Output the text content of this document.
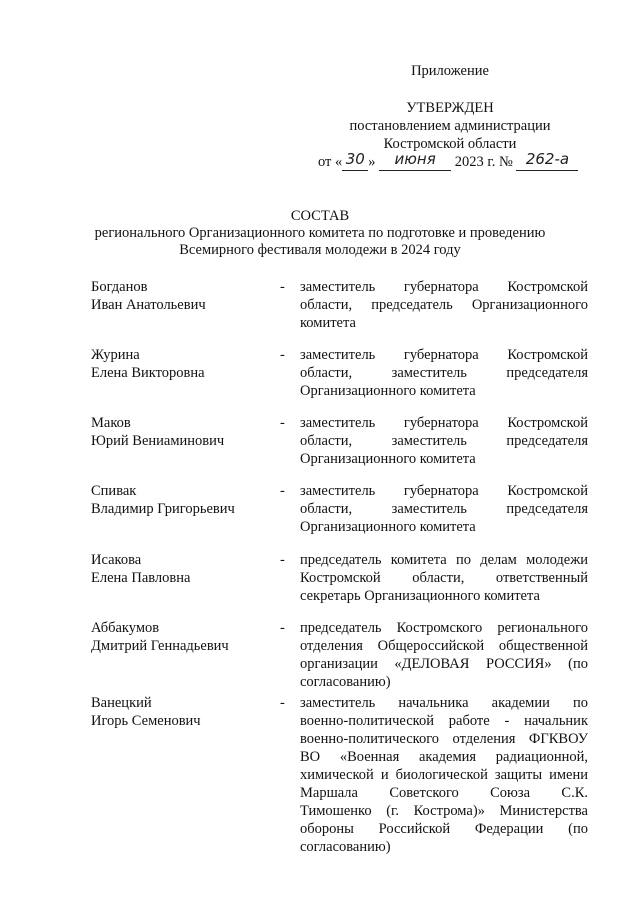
Приложение
УТВЕРЖДЕН
постановлением администрации
Костромской области
от « 30 » июня 2023 г. № 262-а
СОСТАВ
регионального Организационного комитета по подготовке и проведению
Всемирного фестиваля молодежи в 2024 году
Богданов
Иван Анатольевич
- заместитель губернатора Костромской
области, председатель Организационного
комитета
Журина
Елена Викторовна
- заместитель губернатора Костромской
области, заместитель председателя
Организационного комитета
Маков
Юрий Вениаминович
- заместитель губернатора Костромской
области, заместитель председателя
Организационного комитета
Спивак
Владимир Григорьевич
- заместитель губернатора Костромской
области, заместитель председателя
Организационного комитета
Исакова
Елена Павловна
- председатель комитета по делам молодежи
Костромской области, ответственный
секретарь Организационного комитета
Аббакумов
Дмитрий Геннадьевич
- председатель Костромского регионального
отделения Общероссийской общественной
организации «ДЕЛОВАЯ РОССИЯ» (по
согласованию)
Ванецкий
Игорь Семенович
- заместитель начальника академии по
военно-политической работе - начальник
военно-политического отделения ФГКВОУ
ВО «Военная академия радиационной,
химической и биологической защиты имени
Маршала Советского Союза С.К.
Тимошенко (г. Кострома)» Министерства
обороны Российской Федерации (по
согласованию)
